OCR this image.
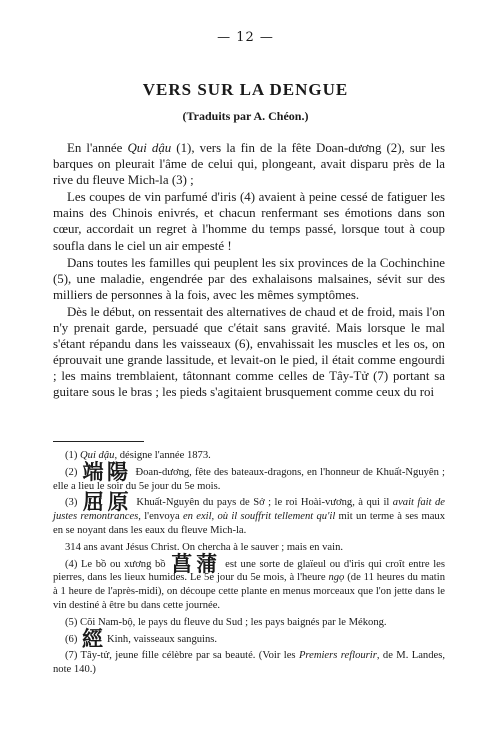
— 12 —
VERS SUR LA DENGUE
(Traduits par A. Chéon.)

En l'année Qui dậu (1), vers la fin de la fête Doan-dương (2), sur les barques on pleurait l'âme de celui qui, plongeant, avait disparu près de la rive du fleuve Mich-la (3) ;

Les coupes de vin parfumé d'iris (4) avaient à peine cessé de fatiguer les mains des Chinois enivrés, et chacun renfermant ses émotions dans son cœur, accordait un regret à l'homme du temps passé, lorsque tout à coup soufla dans le ciel un air empesté !

Dans toutes les familles qui peuplent les six provinces de la Cochinchine (5), une maladie, engendrée par des exhalaisons malsaines, sévit sur des milliers de personnes à la fois, avec les mêmes symptômes.

Dès le début, on ressentait des alternatives de chaud et de froid, mais l'on n'y prenait garde, persuadé que c'était sans gravité. Mais lorsque le mal s'étant répandu dans les vaisseaux (6), envahissait les muscles et les os, on éprouvait une grande lassitude, et levait-on le pied, il était comme engourdi ; les mains tremblaient, tâtonnant comme celles de Tây-Tử (7) portant sa guitare sous le bras ; les pieds s'agitaient brusquement comme ceux du roi

(1) Qui dậu, désigne l'année 1873.

(2) 端陽 Đoan-dương, fête des bateaux-dragons, en l'honneur de Khuất-Nguyên ; elle a lieu le soir du 5e jour du 5e mois.

(3) 屈原 Khuất-Nguyên du pays de Sở ; le roi Hoài-vương, à qui il avait fait de justes remontrances, l'envoya en exil, où il souffrit tellement qu'il mit un terme à ses maux en se noyant dans les eaux du fleuve Mich-la.

314 ans avant Jésus Christ. On chercha à le sauver ; mais en vain.

(4) Le bồ ou xương bồ 菖蒲 est une sorte de glaïeul ou d'iris qui croît entre les pierres, dans les lieux humides. Le 5e jour du 5e mois, à l'heure ngọ (de 11 heures du matin à 1 heure de l'après-midi), on découpe cette plante en menus morceaux que l'on jette dans le vin destiné à être bu dans cette journée.

(5) Cõi Nam-bộ, le pays du fleuve du Sud ; les pays baignés par le Mékong.

(6) 經 Kinh, vaisseaux sanguins.

(7) Tây-tử, jeune fille célèbre par sa beauté. (Voir les Premiers reflourir, de M. Landes, note 140.)
